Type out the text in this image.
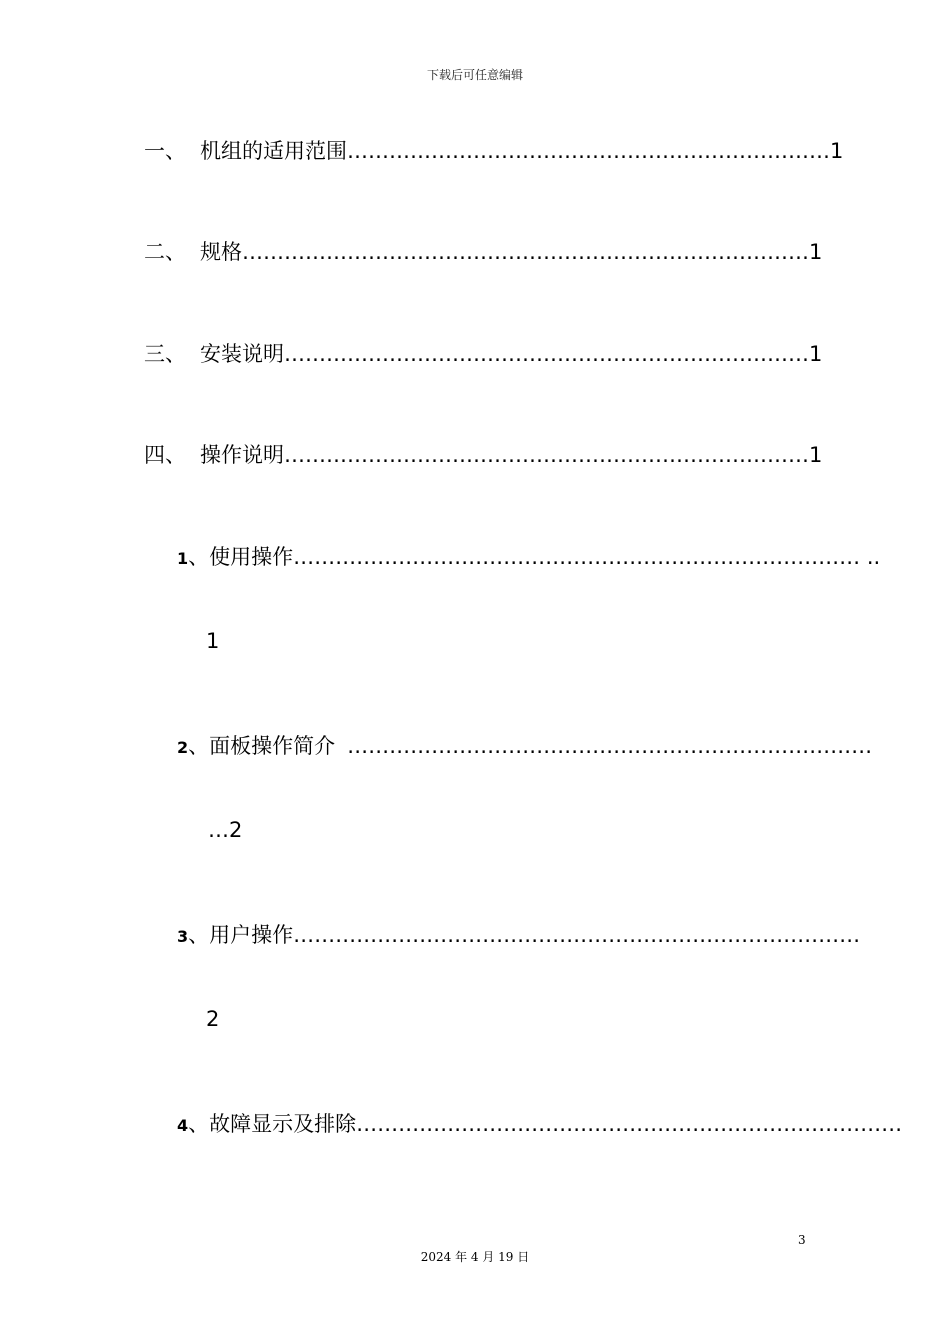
下载后可任意编辑
一、 机组的适用范围……………………………………………………………1
二、 规格………………………………………………………………………1
三、 安装说明…………………………………………………………………1
四、 操作说明…………………………………………………………………1
1、使用操作……………………………………………………………………… ..
1
2、面板操作简介 …………………………………………………………………
…2
3、用户操作………………………………………………………………………
2
4、故障显示及排除……………………………………………………………………
3
2024 年 4 月 19 日
